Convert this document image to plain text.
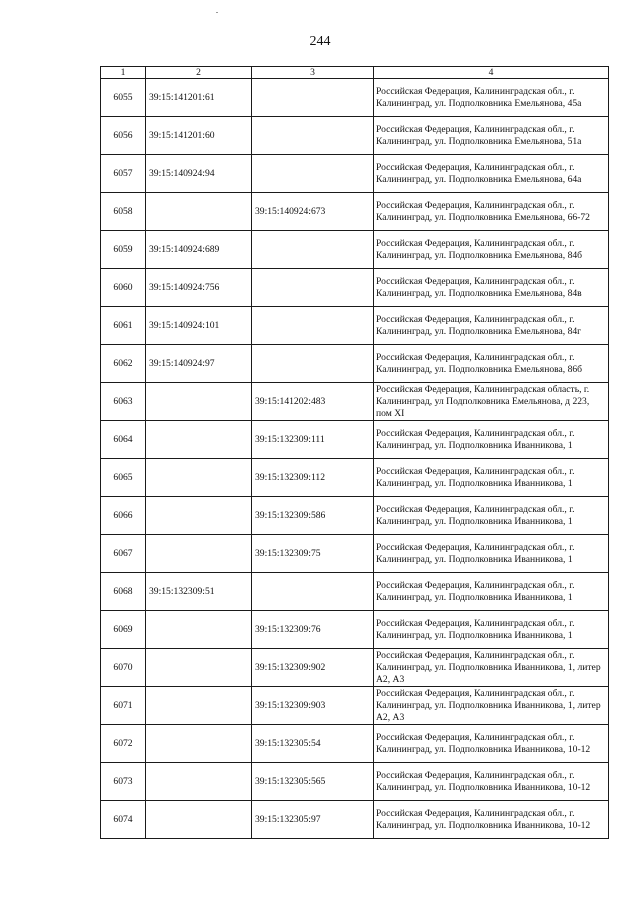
244
1	2	3	4
6055	39:15:141201:61		Российская Федерация, Калининградская обл., г. Калининград, ул. Подполковника Емельянова, 45а
6056	39:15:141201:60		Российская Федерация, Калининградская обл., г. Калининград, ул. Подполковника Емельянова, 51а
6057	39:15:140924:94		Российская Федерация, Калининградская обл., г. Калининград, ул. Подполковника Емельянова, 64а
6058		39:15:140924:673	Российская Федерация, Калининградская обл., г. Калининград, ул. Подполковника Емельянова, 66-72
6059	39:15:140924:689		Российская Федерация, Калининградская обл., г. Калининград, ул. Подполковника Емельянова, 84б
6060	39:15:140924:756		Российская Федерация, Калининградская обл., г. Калининград, ул. Подполковника Емельянова, 84в
6061	39:15:140924:101		Российская Федерация, Калининградская обл., г. Калининград, ул. Подполковника Емельянова, 84г
6062	39:15:140924:97		Российская Федерация, Калининградская обл., г. Калининград, ул. Подполковника Емельянова, 86б
6063		39:15:141202:483	Российская Федерация, Калининградская область, г. Калининград, ул Подполковника Емельянова, д 223, пом XI
6064		39:15:132309:111	Российская Федерация, Калининградская обл., г. Калининград, ул. Подполковника Иванникова, 1
6065		39:15:132309:112	Российская Федерация, Калининградская обл., г. Калининград, ул. Подполковника Иванникова, 1
6066		39:15:132309:586	Российская Федерация, Калининградская обл., г. Калининград, ул. Подполковника Иванникова, 1
6067		39:15:132309:75	Российская Федерация, Калининградская обл., г. Калининград, ул. Подполковника Иванникова, 1
6068	39:15:132309:51		Российская Федерация, Калининградская обл., г. Калининград, ул. Подполковника Иванникова, 1
6069		39:15:132309:76	Российская Федерация, Калининградская обл., г. Калининград, ул. Подполковника Иванникова, 1
6070		39:15:132309:902	Российская Федерация, Калининградская обл., г. Калининград, ул. Подполковника Иванникова, 1, литер А2, А3
6071		39:15:132309:903	Российская Федерация, Калининградская обл., г. Калининград, ул. Подполковника Иванникова, 1, литер А2, А3
6072		39:15:132305:54	Российская Федерация, Калининградская обл., г. Калининград, ул. Подполковника Иванникова, 10-12
6073		39:15:132305:565	Российская Федерация, Калининградская обл., г. Калининград, ул. Подполковника Иванникова, 10-12
6074		39:15:132305:97	Российская Федерация, Калининградская обл., г. Калининград, ул. Подполковника Иванникова, 10-12
